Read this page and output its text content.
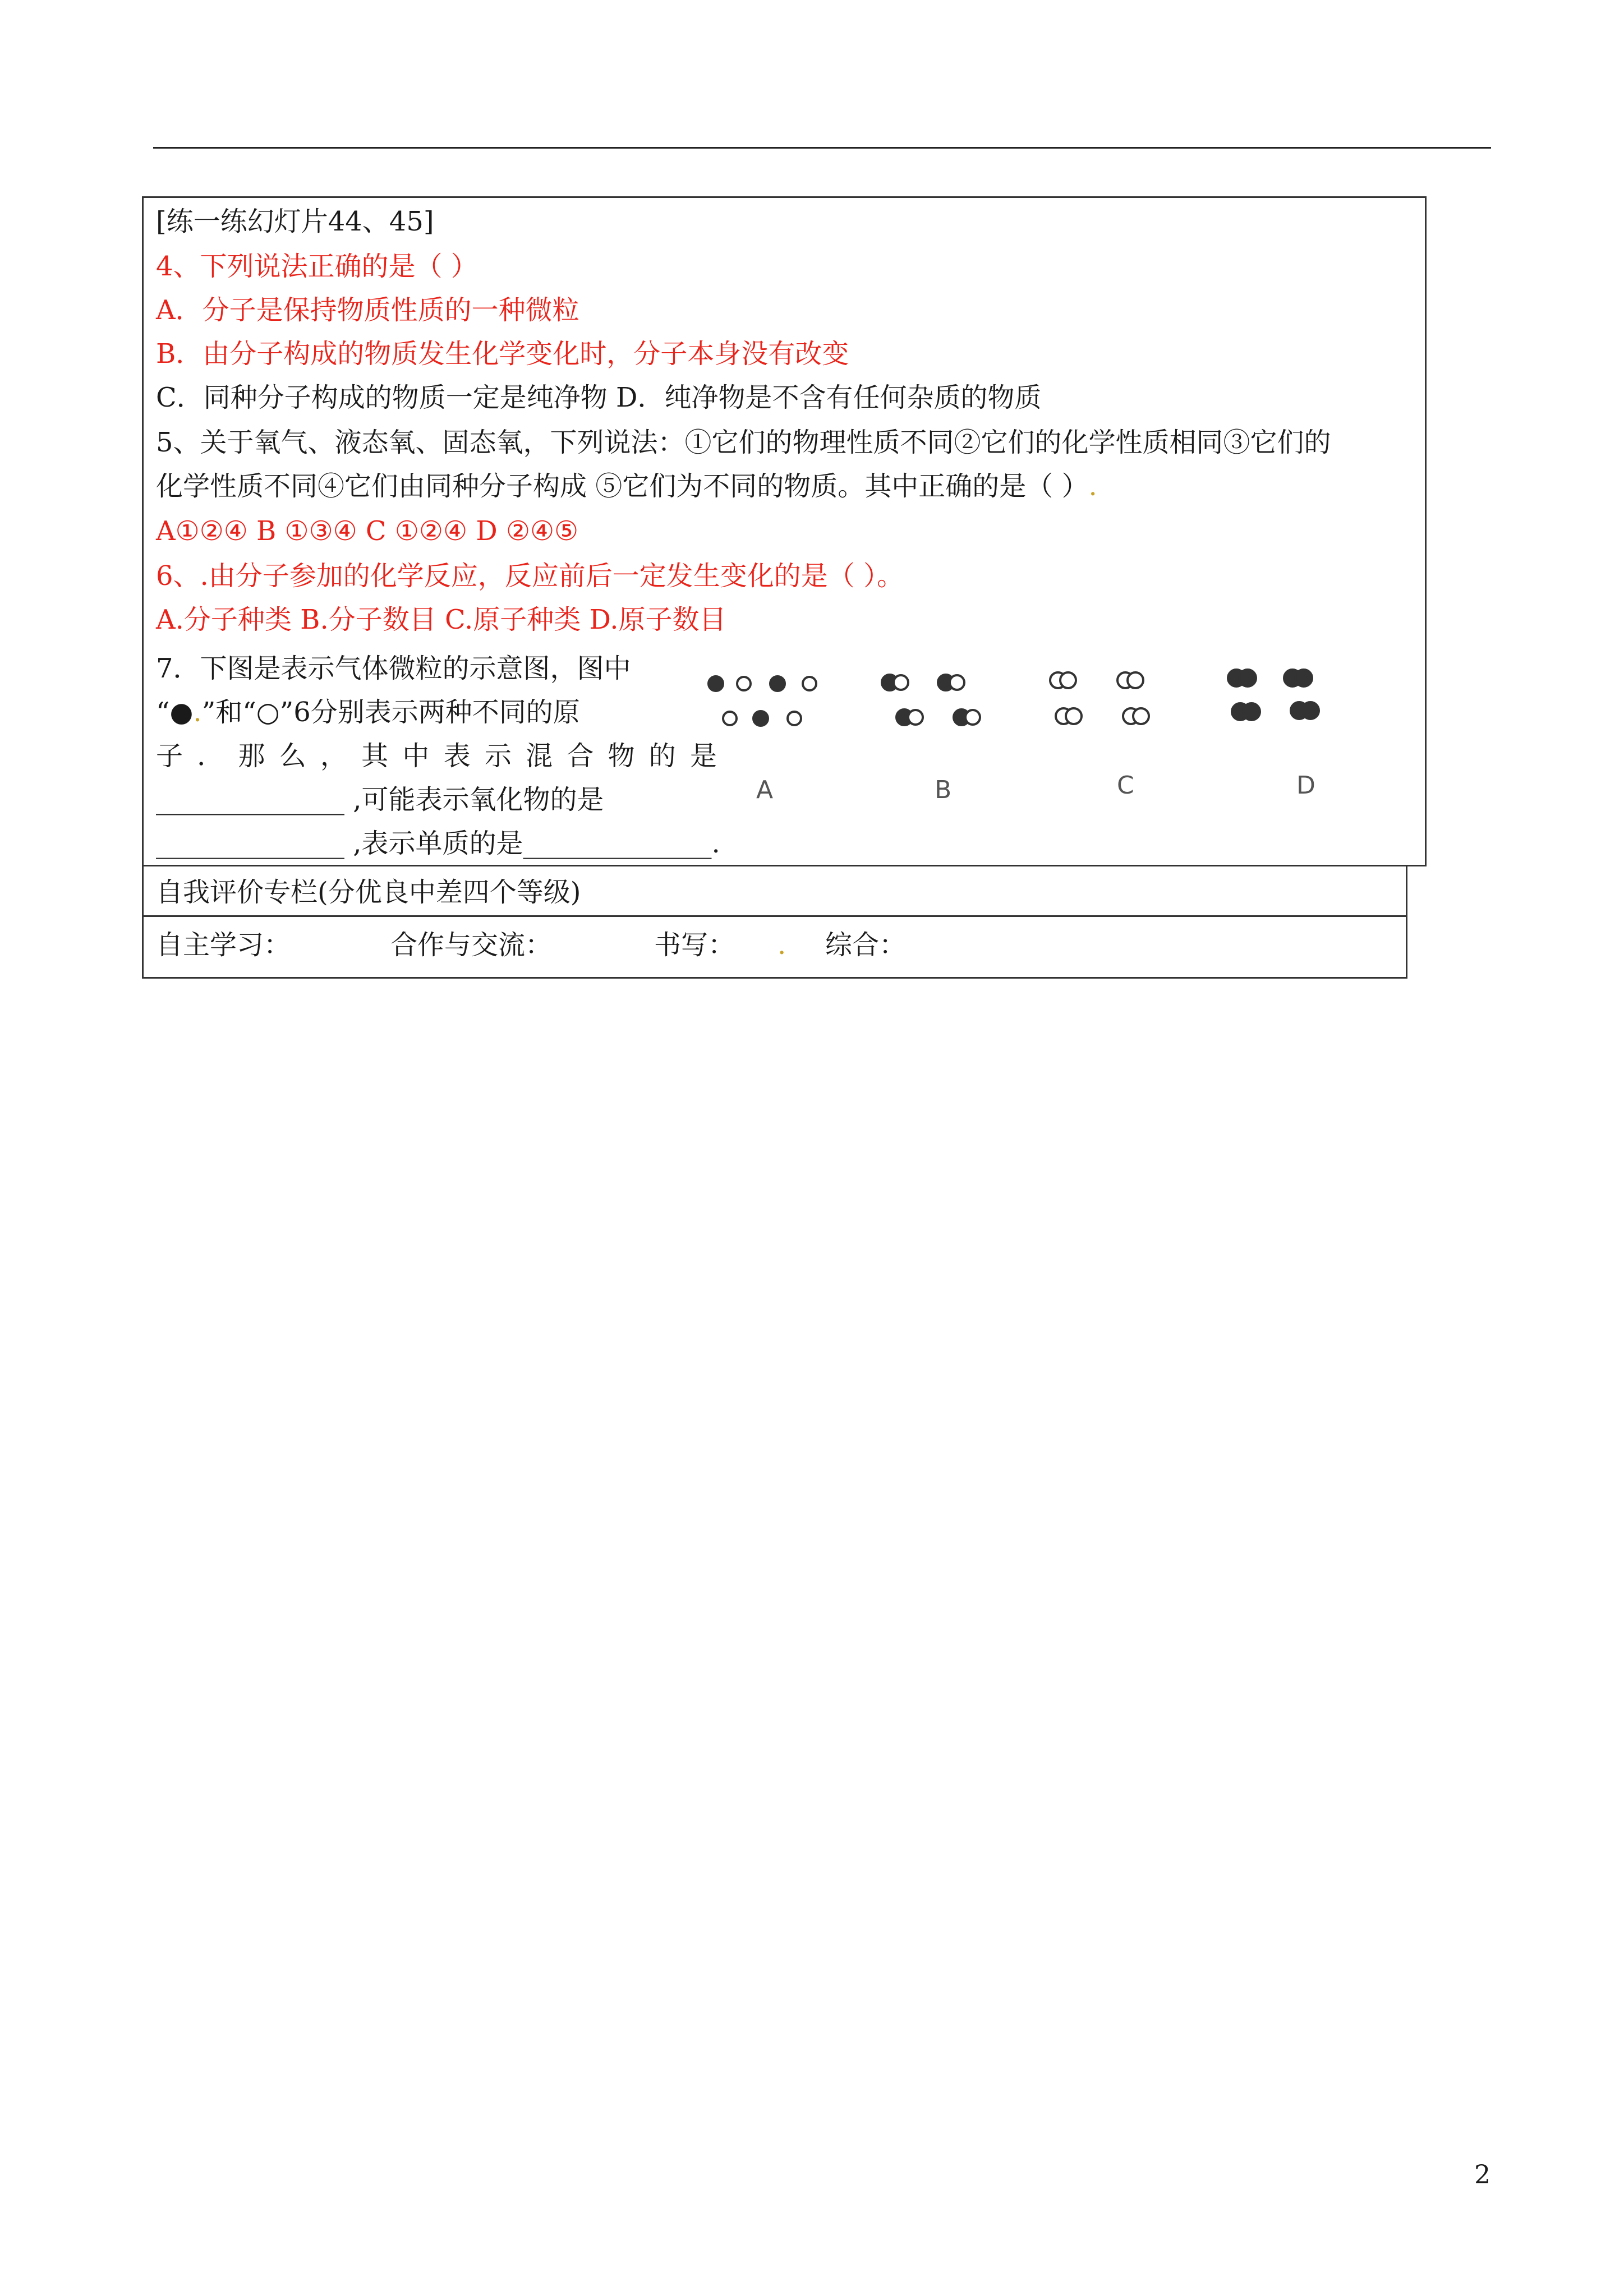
[练一练幻灯片44、45]
4、下列说法正确的是（ ）
A．分子是保持物质性质的一种微粒
B．由分子构成的物质发生化学变化时，分子本身没有改变
C．同种分子构成的物质一定是纯净物 D．纯净物是不含有任何杂质的物质
5、关于氧气、液态氧、固态氧，下列说法：①它们的物理性质不同②它们的化学性质相同③它们的
化学性质不同④它们由同种分子构成 ⑤它们为不同的物质。其中正确的是（ ）.
A①②④ B ①③④ C ①②④ D ②④⑤
6、.由分子参加的化学反应，反应前后一定发生变化的是（ ）。
A.分子种类 B.分子数目 C.原子种类 D.原子数目
7．下图是表示气体微粒的示意图，图中
“●.”和“○”6分别表示两种不同的原
子．那么，其中表示混合物的是
______________ ,可能表示氧化物的是
______________ ,表示单质的是______________.
A	B	C	D
自我评价专栏(分优良中差四个等级)
自主学习：	合作与交流：	书写： . 综合：
2
